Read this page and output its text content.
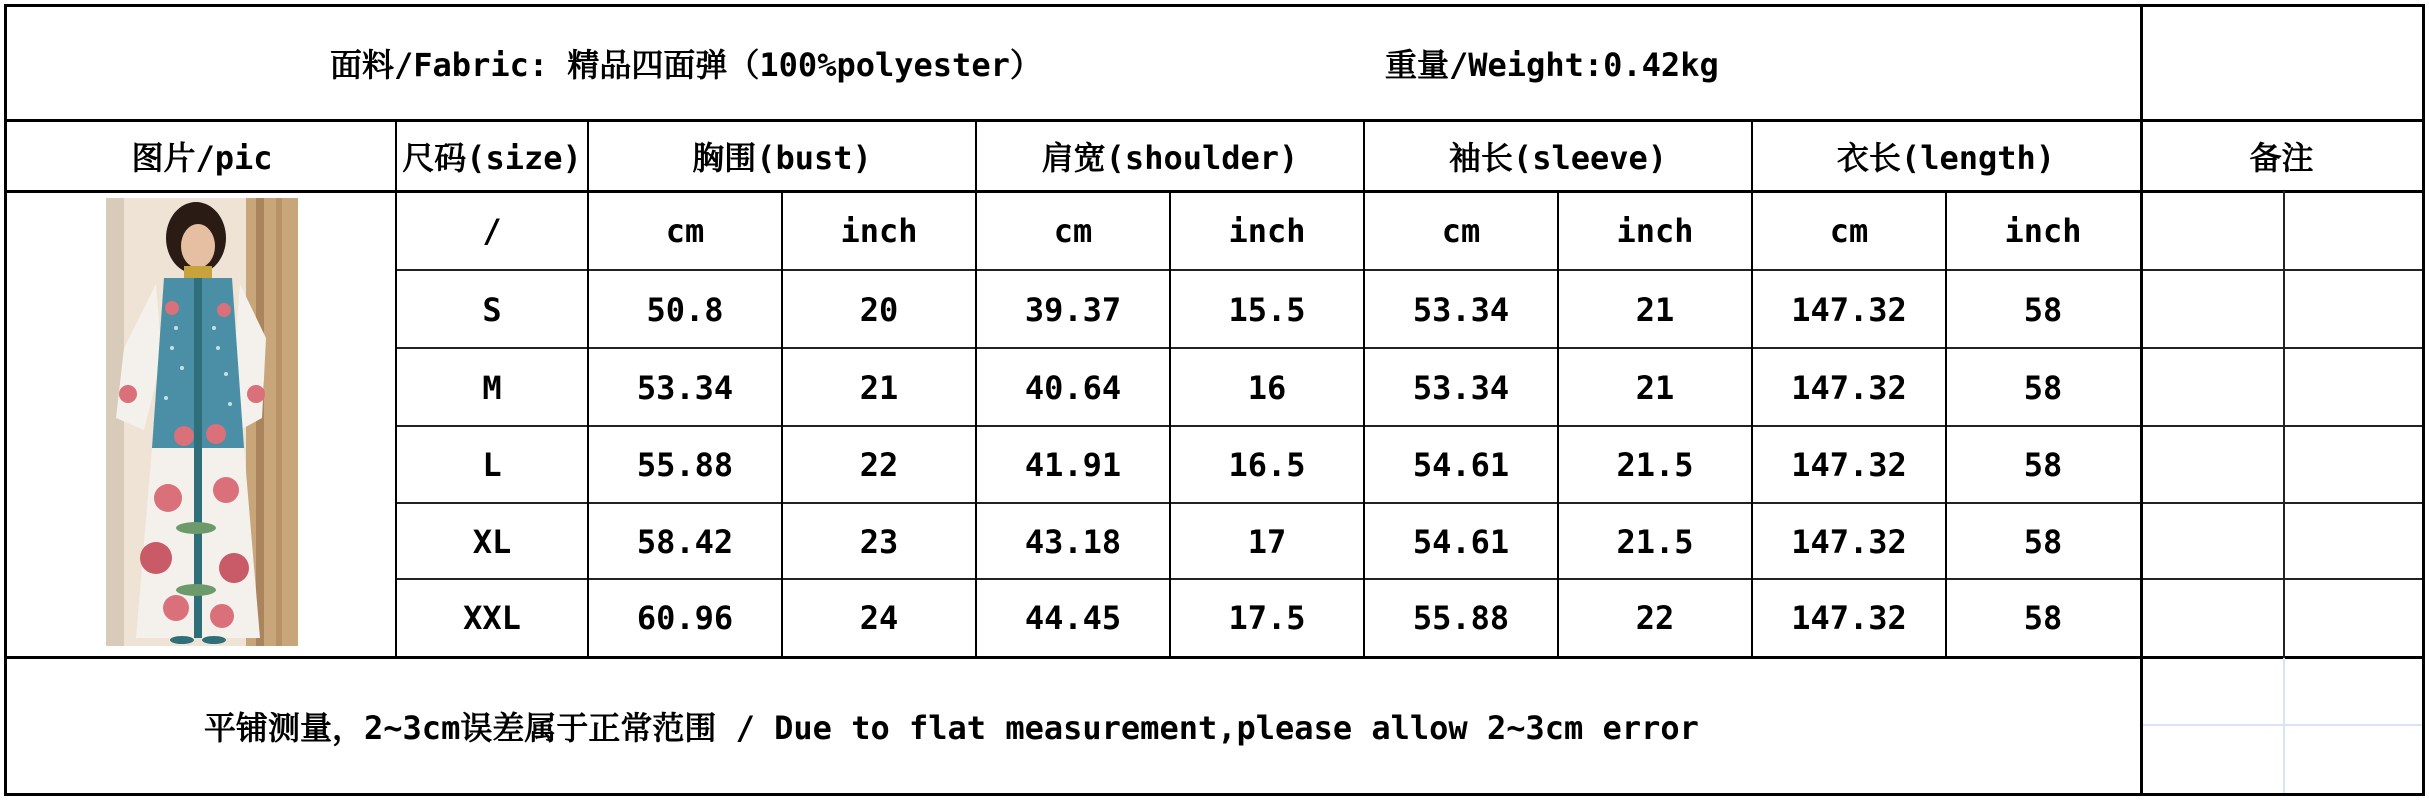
面料/Fabric: 精品四面弹（100%polyester）	重量/Weight:0.42kg
图片/pic	尺码(size)	胸围(bust)	肩宽(shoulder)	袖长(sleeve)	衣长(length)	备注
/	cm	inch	cm	inch	cm	inch	cm	inch
S	50.8	20	39.37	15.5	53.34	21	147.32	58
M	53.34	21	40.64	16	53.34	21	147.32	58
L	55.88	22	41.91	16.5	54.61	21.5	147.32	58
XL	58.42	23	43.18	17	54.61	21.5	147.32	58
XXL	60.96	24	44.45	17.5	55.88	22	147.32	58
平铺测量，2~3cm误差属于正常范围 / Due to flat measurement,please allow 2~3cm error
